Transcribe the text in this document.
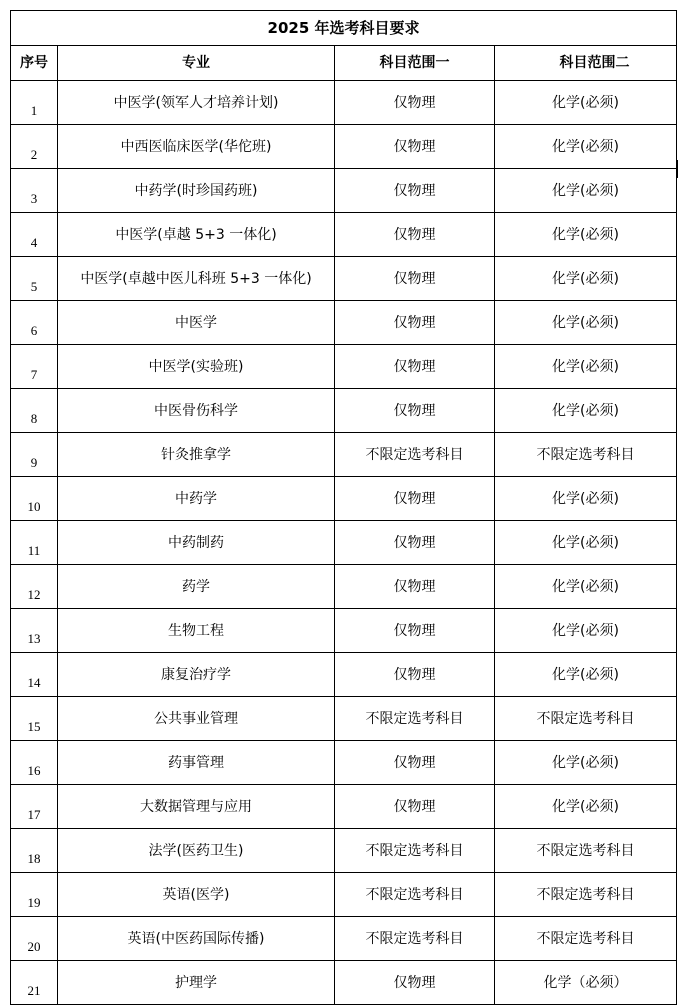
2025 年选考科目要求			
序号	专业	科目范围一	科目范围二
1	中医学(领军人才培养计划)	仅物理	化学(必须)
2	中西医临床医学(华佗班)	仅物理	化学(必须)
3	中药学(时珍国药班)	仅物理	化学(必须)
4	中医学(卓越 5+3 一体化)	仅物理	化学(必须)
5	中医学(卓越中医儿科班 5+3 一体化)	仅物理	化学(必须)
6	中医学	仅物理	化学(必须)
7	中医学(实验班)	仅物理	化学(必须)
8	中医骨伤科学	仅物理	化学(必须)
9	针灸推拿学	不限定选考科目	不限定选考科目
10	中药学	仅物理	化学(必须)
11	中药制药	仅物理	化学(必须)
12	药学	仅物理	化学(必须)
13	生物工程	仅物理	化学(必须)
14	康复治疗学	仅物理	化学(必须)
15	公共事业管理	不限定选考科目	不限定选考科目
16	药事管理	仅物理	化学(必须)
17	大数据管理与应用	仅物理	化学(必须)
18	法学(医药卫生)	不限定选考科目	不限定选考科目
19	英语(医学)	不限定选考科目	不限定选考科目
20	英语(中医药国际传播)	不限定选考科目	不限定选考科目
21	护理学	仅物理	化学（必须）
